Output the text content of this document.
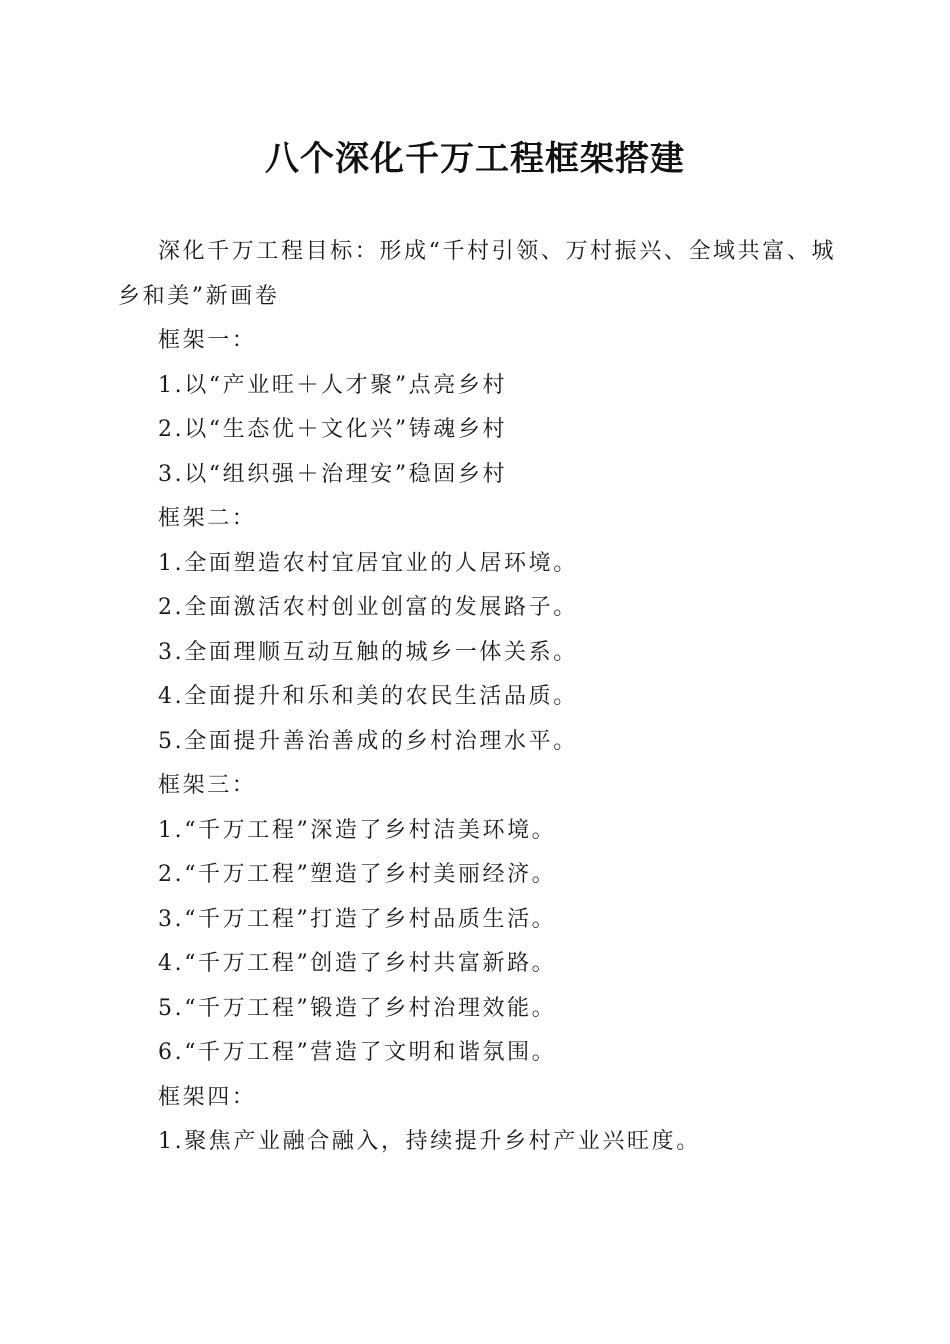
八个深化千万工程框架搭建

深化千万工程目标：形成“千村引领、万村振兴、全域共富、城乡和美”新画卷

框架一：

1.以“产业旺＋人才聚”点亮乡村

2.以“生态优＋文化兴”铸魂乡村

3.以“组织强＋治理安”稳固乡村

框架二：

1.全面塑造农村宜居宜业的人居环境。

2.全面激活农村创业创富的发展路子。

3.全面理顺互动互触的城乡一体关系。

4.全面提升和乐和美的农民生活品质。

5.全面提升善治善成的乡村治理水平。

框架三：

1.“千万工程”深造了乡村洁美环境。

2.“千万工程”塑造了乡村美丽经济。

3.“千万工程”打造了乡村品质生活。

4.“千万工程”创造了乡村共富新路。

5.“千万工程”锻造了乡村治理效能。

6.“千万工程”营造了文明和谐氛围。

框架四：

1.聚焦产业融合融入，持续提升乡村产业兴旺度。
